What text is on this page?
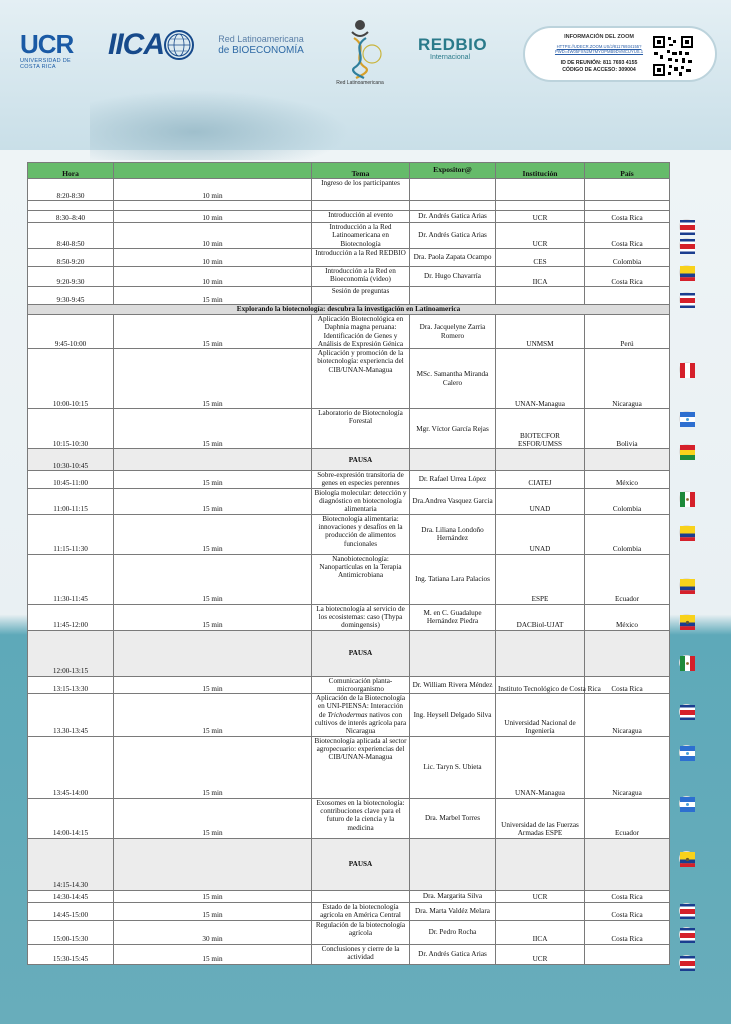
UCR
UNIVERSIDAD DE COSTA RICA
IICA	Red Latinoamericana
de BIOECONOMÍA
Red Latinoamericana
REDBIO
Internacional
INFORMACIÓN DEL ZOOM
HTTPS://UDECR.ZOOM.US/J/81176934155?PWD=4W05FXN2M7MYOPMB9DVMCUYUS.1
ID DE REUNIÓN: 811 7693 4155
CÓDIGO DE ACCESO: 309004
Hora		Tema	Expositor@	Institución	País
8:20-8:30	10 min	Ingreso de los participantes			

8:30–8:40	10 min	Introducción al evento	Dr. Andrés Gatica Arias	UCR	Costa Rica
8:40-8:50	10 min	Introducción a la Red Latinoamericana en Biotecnología	Dr. Andrés Gatica Arias	UCR	Costa Rica
8:50-9:20	10 min	Introducción a la Red REDBIO	Dra. Paola Zapata Ocampo	CES	Colombia
9:20-9:30	10 min	Introducción a la Red en Bioeconomía (video)	Dr. Hugo Chavarría	IICA	Costa Rica
9:30-9:45	15 min	Sesión de preguntas			
Explorando la biotecnología: descubra la investigación en Latinoamerica					
9:45-10:00	15 min	Aplicación Biotecnológica en Daphnia magna peruana: Identificación de Genes y Análisis de Expresión Génica	Dra. Jacquelyne Zarria Romero	UNMSM	Perú
10:00-10:15	15 min	Aplicación y promoción de la biotecnología: experiencia del CIB/UNAN-Managua	MSc. Samantha Miranda Calero	UNAN-Managua	Nicaragua
10:15-10:30	15 min	Laboratorio de Biotecnología Forestal	Mgr. Víctor García Rejas	BIOTECFOR ESFOR/UMSS	Bolivia
10:30-10:45		PAUSA			
10:45-11:00	15 min	Sobre-expresión transitoria de genes en especies perennes	Dr. Rafael Urrea López	CIATEJ	México
11:00-11:15	15 min	Biología molecular: detección y diagnóstico en biotecnología alimentaria	Dra.Andrea Vasquez Garcia	UNAD	Colombia
11:15-11:30	15 min	Biotecnología alimentaria: innovaciones y desafíos en la producción de alimentos funcionales	Dra. Liliana Londoño Hernández	UNAD	Colombia
11:30-11:45	15 min	Nanobiotecnología: Nanopartículas en la Terapia Antimicrobiana	Ing. Tatiana Lara Palacios	ESPE	Ecuador
11:45-12:00	15 min	La biotecnología al servicio de los ecosistemas: caso (Thypa domingensis)	M. en C. Guadalupe Hernández Piedra	DACBiol-UJAT	México
12:00-13:15		PAUSA			
13:15-13:30	15 min	Comunicación planta-microorganismo	Dr. William Rivera Méndez	Instituto Tecnológico de Costa Rica	Costa Rica
13.30-13:45	15 min	Aplicación de la Biotecnología en UNI-PIENSA: Interacción de Trichodermas nativos con cultivos de interés agrícola para Nicaragua	Ing. Heysell Delgado Silva	Universidad Nacional de Ingeniería	Nicaragua
13:45-14:00	15 min	Biotecnología aplicada al sector agropecuario: experiencias del CIB/UNAN-Managua	Lic. Taryn S. Ubieta	UNAN-Managua	Nicaragua
14:00-14:15	15 min	Exosomes en la biotecnología: contribuciones clave para el futuro de la ciencia y la medicina	Dra. Marbel Torres	Universidad de las Fuerzas Armadas ESPE	Ecuador
14:15-14.30		PAUSA			
14:30-14:45	15 min		Dra. Margarita Silva	UCR	Costa Rica
14:45-15:00	15 min	Estado de la biotecnología agrícola en América Central	Dra. Marta Valdéz Melara		Costa Rica
15:00-15:30	30 min	Regulación de la biotecnología agrícola	Dr. Pedro Rocha	IICA	Costa Rica
15:30-15:45	15 min	Conclusiones y cierre de la actividad	Dr. Andrés Gatica Arias	UCR	
